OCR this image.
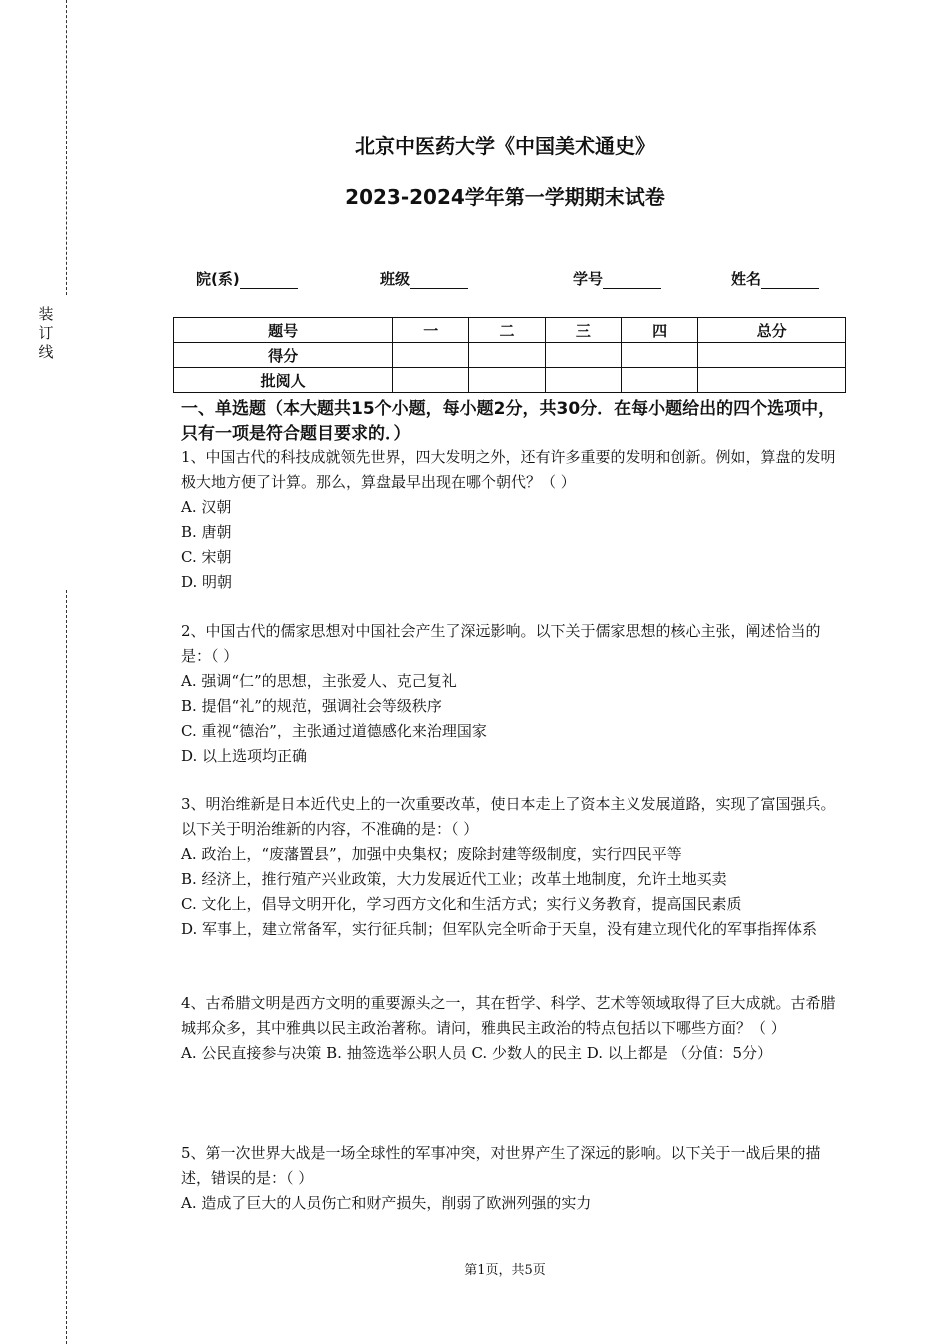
装
订
线
北京中医药大学《中国美术通史》
2023-2024学年第一学期期末试卷
院(系)	班级	学号	姓名
题号	一	二	三	四	总分
得分					
批阅人					
一、单选题（本大题共15个小题，每小题2分，共30分．在每小题给出的四个选项中，只有一项是符合题目要求的．）

1、中国古代的科技成就领先世界，四大发明之外，还有许多重要的发明和创新。例如，算盘的发明极大地方便了计算。那么，算盘最早出现在哪个朝代？（ ）

A. 汉朝

B. 唐朝

C. 宋朝

D. 明朝

2、中国古代的儒家思想对中国社会产生了深远影响。以下关于儒家思想的核心主张，阐述恰当的是：（ ）

A. 强调“仁”的思想，主张爱人、克己复礼

B. 提倡“礼”的规范，强调社会等级秩序

C. 重视“德治”，主张通过道德感化来治理国家

D. 以上选项均正确

3、明治维新是日本近代史上的一次重要改革，使日本走上了资本主义发展道路，实现了富国强兵。以下关于明治维新的内容，不准确的是：（ ）

A. 政治上，“废藩置县”，加强中央集权；废除封建等级制度，实行四民平等

B. 经济上，推行殖产兴业政策，大力发展近代工业；改革土地制度，允许土地买卖

C. 文化上，倡导文明开化，学习西方文化和生活方式；实行义务教育，提高国民素质

D. 军事上，建立常备军，实行征兵制；但军队完全听命于天皇，没有建立现代化的军事指挥体系

4、古希腊文明是西方文明的重要源头之一，其在哲学、科学、艺术等领域取得了巨大成就。古希腊城邦众多，其中雅典以民主政治著称。请问，雅典民主政治的特点包括以下哪些方面？（ ）

A. 公民直接参与决策 B. 抽签选举公职人员 C. 少数人的民主 D. 以上都是 （分值：5分）

5、第一次世界大战是一场全球性的军事冲突，对世界产生了深远的影响。以下关于一战后果的描述，错误的是：（ ）

A. 造成了巨大的人员伤亡和财产损失，削弱了欧洲列强的实力

第1页，共5页
